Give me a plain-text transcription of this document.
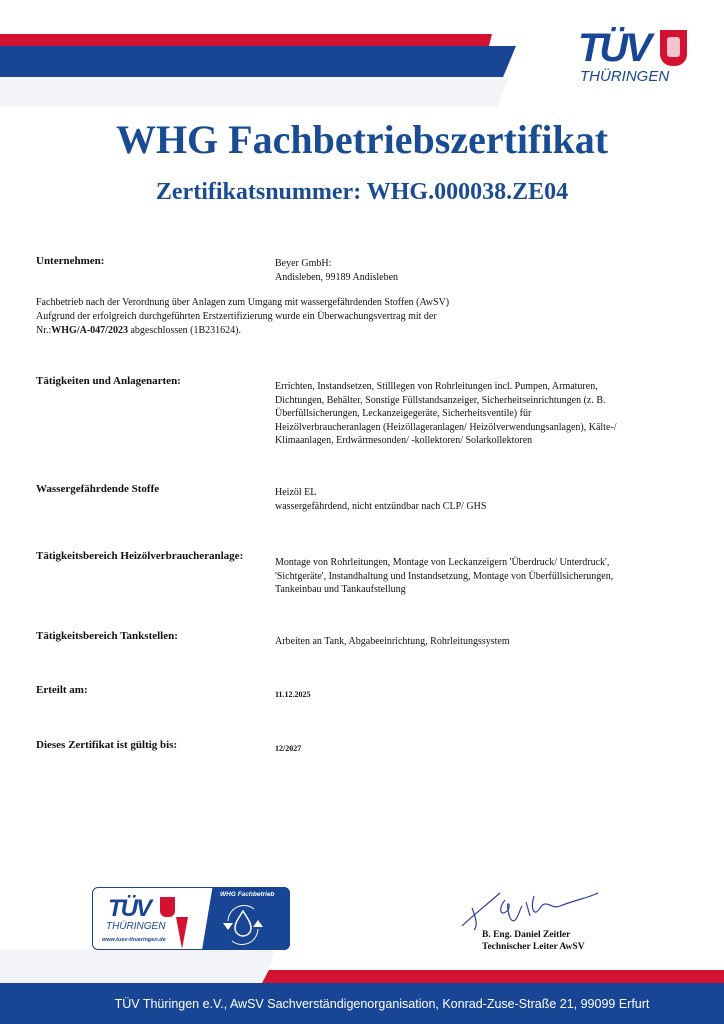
TÜV
THÜRINGEN
WHG Fachbetriebszertifikat
Zertifikatsnummer: WHG.000038.ZE04
Unternehmen:	Beyer GmbH:
Andisleben, 99189 Andisleben
Fachbetrieb nach der Verordnung über Anlagen zum Umgang mit wassergefährdenden Stoffen (AwSV)
Aufgrund der erfolgreich durchgeführten Erstzertifizierung wurde ein Überwachungsvertrag mit der
Nr.:WHG/A-047/2023 abgeschlossen (1B231624).
Tätigkeiten und Anlagenarten:	Errichten, Instandsetzen, Stilllegen von Rohrleitungen incl. Pumpen, Armaturen,
Dichtungen, Behälter, Sonstige Füllstandsanzeiger, Sicherheitseinrichtungen (z. B.
Überfüllsicherungen, Leckanzeigegeräte, Sicherheitsventile) für
Heizölverbraucheranlagen (Heizöllageranlagen/ Heizölverwendungsanlagen), Kälte-/
Klimaanlagen, Erdwärmesonden/ -kollektoren/ Solarkollektoren
Wassergefährdende Stoffe	Heizöl EL
wassergefährdend, nicht entzündbar nach CLP/ GHS
Tätigkeitsbereich Heizölverbraucheranlage:
Montage von Rohrleitungen, Montage von Leckanzeigern 'Überdruck/ Unterdruck',
'Sichtgeräte', Instandhaltung und Instandsetzung, Montage von Überfüllsicherungen,
Tankeinbau und Tankaufstellung
Tätigkeitsbereich Tankstellen:	Arbeiten an Tank, Abgabeeinrichtung, Rohrleitungssystem
Erteilt am:	11.12.2025
Dieses Zertifikat ist gültig bis:	12/2027
TÜV
THÜRINGEN
www.tuev-thueringen.de
WHG Fachbetrieb
B. Eng. Daniel Zeitler
Technischer Leiter AwSV
TÜV Thüringen e.V., AwSV Sachverständigenorganisation, Konrad-Zuse-Straße 21, 99099 Erfurt
